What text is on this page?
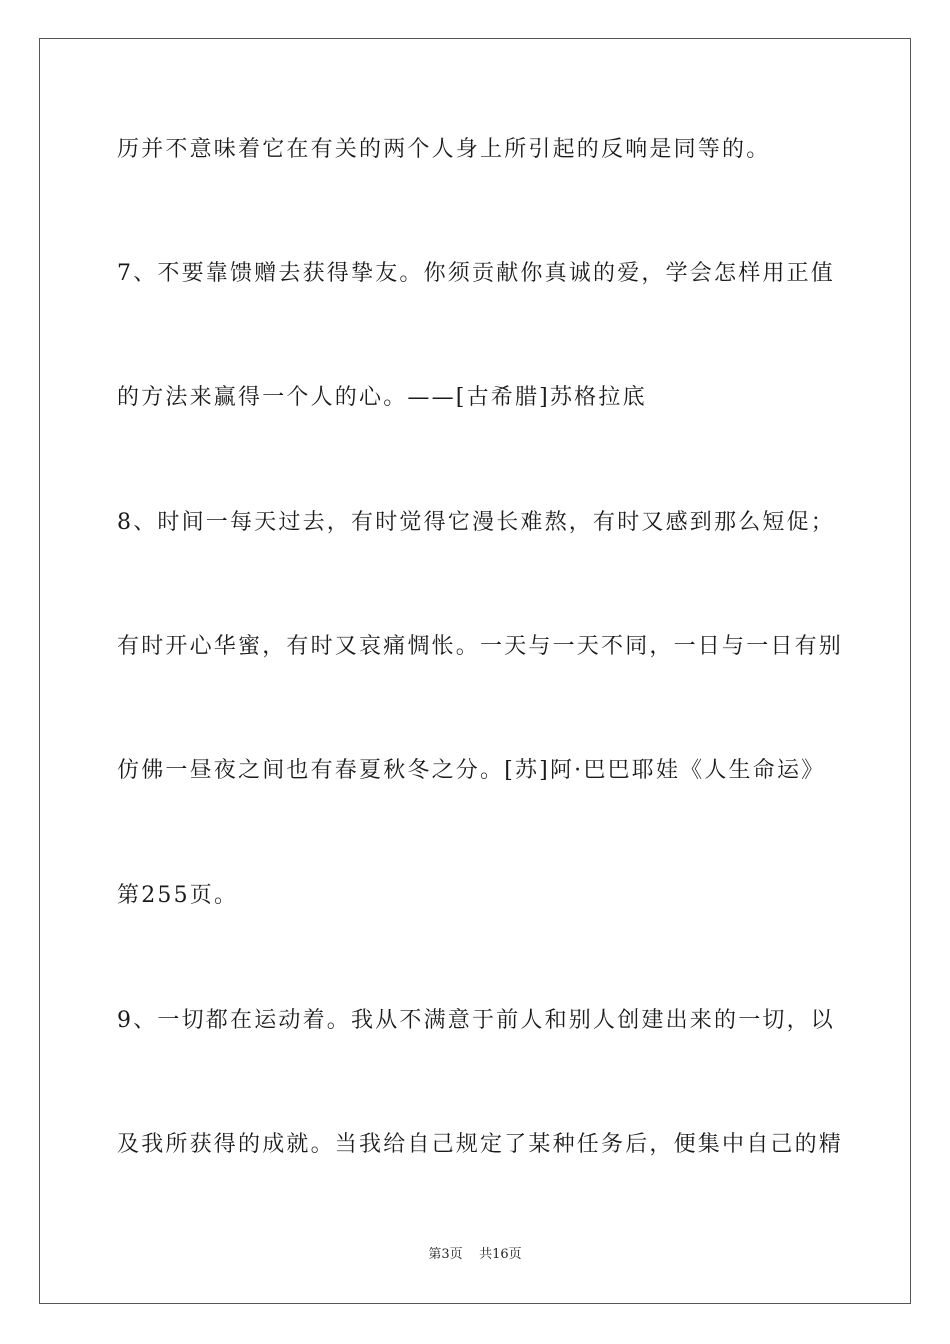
历并不意味着它在有关的两个人身上所引起的反响是同等的。
7、不要靠馈赠去获得挚友。你须贡献你真诚的爱，学会怎样用正值
的方法来赢得一个人的心。——[古希腊]苏格拉底
8、时间一每天过去，有时觉得它漫长难熬，有时又感到那么短促；
有时开心华蜜，有时又哀痛惆怅。一天与一天不同，一日与一日有别
仿佛一昼夜之间也有春夏秋冬之分。[苏]阿·巴巴耶娃《人生命运》
第255页。
9、一切都在运动着。我从不满意于前人和别人创建出来的一切，以
及我所获得的成就。当我给自己规定了某种任务后，便集中自己的精
第3页    共16页
